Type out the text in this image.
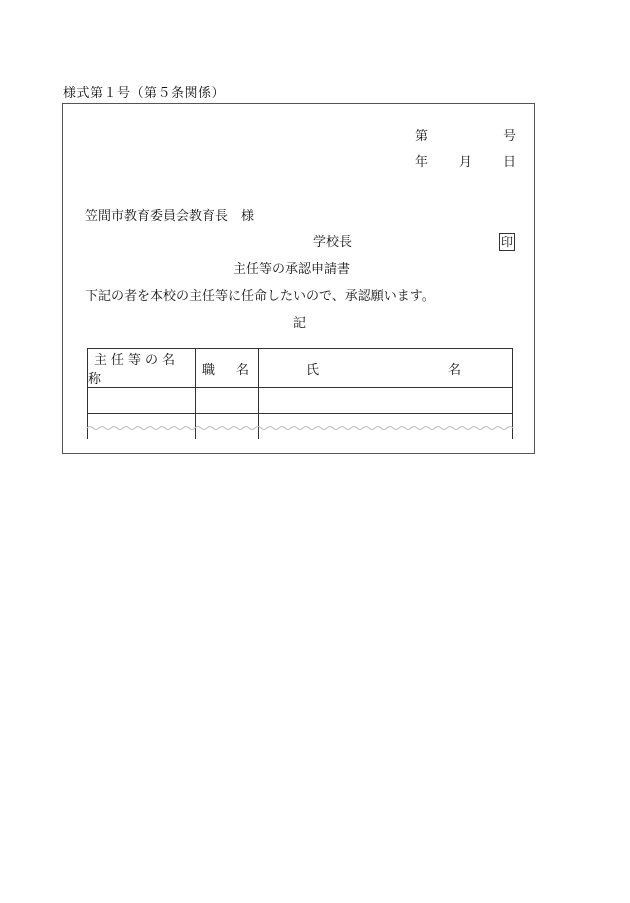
様式第１号（第５条関係）
第	号
年 月 日
笠間市教育委員会教育長　様
学校長	印
主任等の承認申請書
下記の者を本校の主任等に任命したいので、承認願います。
記
主任等の名称	職 名	氏 名
